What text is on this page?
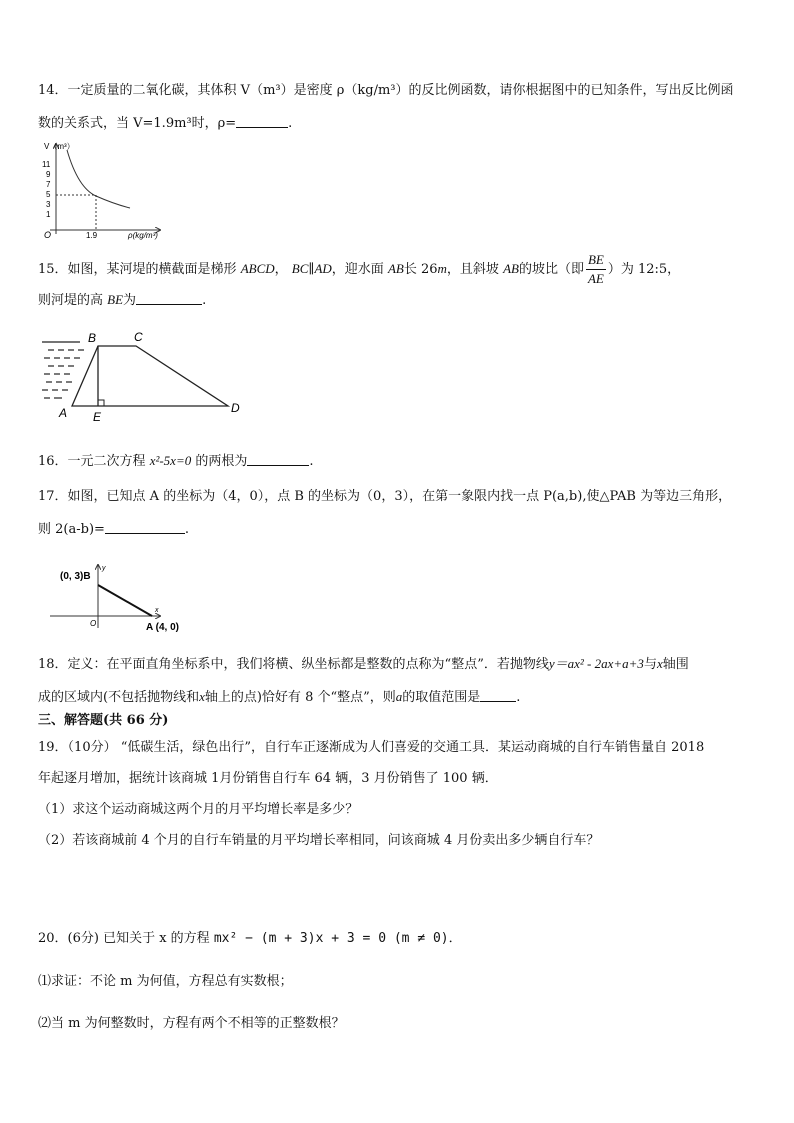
14．一定质量的二氧化碳，其体积 V（m³）是密度 ρ（kg/m³）的反比例函数，请你根据图中的已知条件，写出反比例函
数的关系式，当 V=1.9m³时，ρ=	.
V（m³）
11
9
7
5
3
1
O	1.9	ρ(kg/m³)
15．如图，某河堤的横截面是梯形 ABCD， BC∥AD，迎水面 AB长 26m，且斜坡 AB的坡比（即 $\frac{BE}{AE}$ ）为 12:5，
则河堤的高 BE为	.
B	C
A E
D
16．一元二次方程 x²-5x=0 的两根为	.
17．如图，已知点 A 的坐标为（4，0），点 B 的坐标为（0，3），在第一象限内找一点 P(a,b),使△PAB 为等边三角形，
则 2(a-b)=	.
y
x
(0, 3)B
O	A (4, 0)
18．定义：在平面直角坐标系中，我们将横、纵坐标都是整数的点称为“整点”．若抛物线y＝ax² - 2ax+a+3与x轴围
成的区域内(不包括抛物线和x轴上的点)恰好有 8 个“整点”，则a的取值范围是	.
三、解答题(共 66 分)
19．（10分） “低碳生活，绿色出行”，自行车正逐渐成为人们喜爱的交通工具．某运动商城的自行车销售量自 2018
年起逐月增加，据统计该商城 1月份销售自行车 64 辆，3 月份销售了 100 辆．
（1）求这个运动商城这两个月的月平均增长率是多少？
（2）若该商城前 4 个月的自行车销量的月平均增长率相同，问该商城 4 月份卖出多少辆自行车？
20．(6分) 已知关于 x 的方程 mx² − (m + 3)x + 3 = 0 (m ≠ 0)．
⑴求证：不论 m 为何值，方程总有实数根；
⑵当 m 为何整数时，方程有两个不相等的正整数根？
